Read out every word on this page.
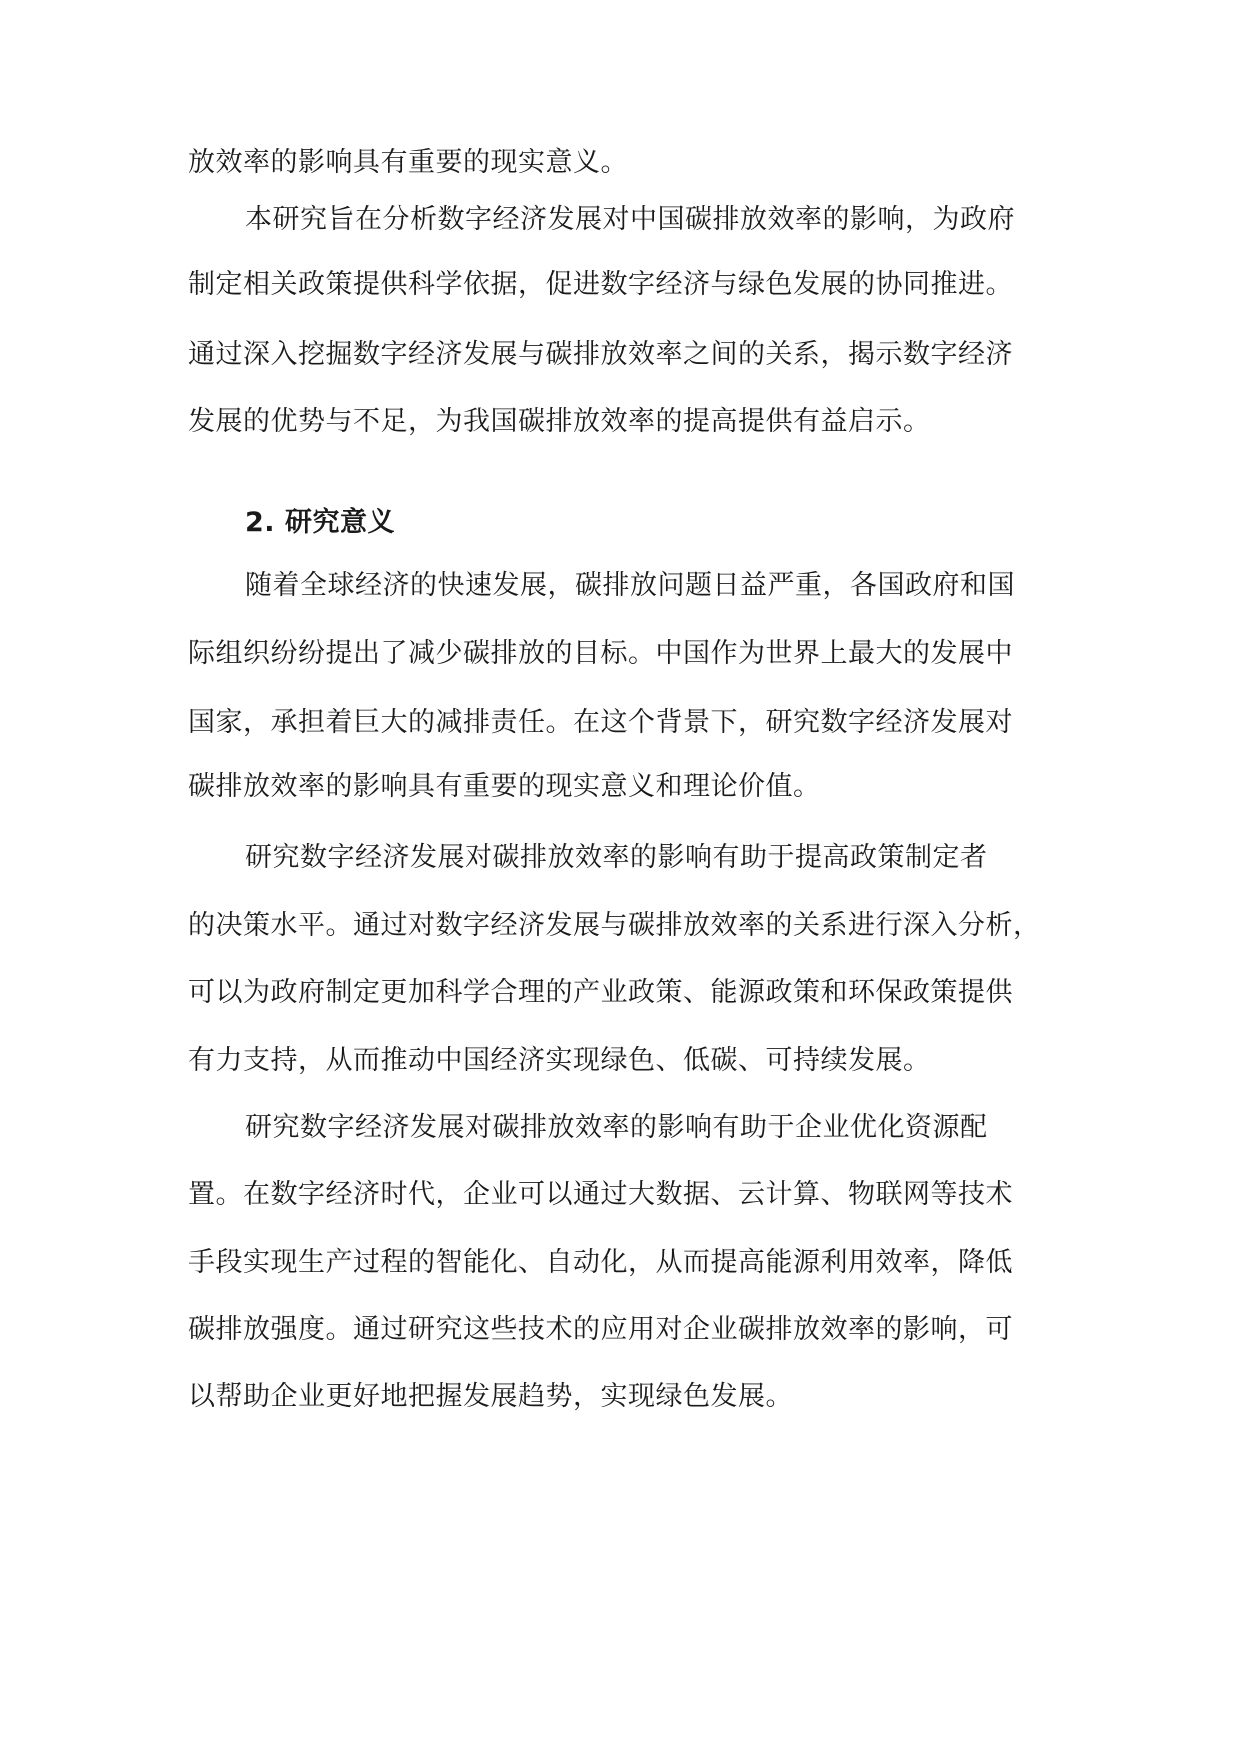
放效率的影响具有重要的现实意义。
本研究旨在分析数字经济发展对中国碳排放效率的影响，为政府
制定相关政策提供科学依据，促进数字经济与绿色发展的协同推进。
通过深入挖掘数字经济发展与碳排放效率之间的关系，揭示数字经济
发展的优势与不足，为我国碳排放效率的提高提供有益启示。
2. 研究意义
随着全球经济的快速发展，碳排放问题日益严重，各国政府和国
际组织纷纷提出了减少碳排放的目标。中国作为世界上最大的发展中
国家，承担着巨大的减排责任。在这个背景下，研究数字经济发展对
碳排放效率的影响具有重要的现实意义和理论价值。
研究数字经济发展对碳排放效率的影响有助于提高政策制定者
的决策水平。通过对数字经济发展与碳排放效率的关系进行深入分析，
可以为政府制定更加科学合理的产业政策、能源政策和环保政策提供
有力支持，从而推动中国经济实现绿色、低碳、可持续发展。
研究数字经济发展对碳排放效率的影响有助于企业优化资源配
置。在数字经济时代，企业可以通过大数据、云计算、物联网等技术
手段实现生产过程的智能化、自动化，从而提高能源利用效率，降低
碳排放强度。通过研究这些技术的应用对企业碳排放效率的影响，可
以帮助企业更好地把握发展趋势，实现绿色发展。
